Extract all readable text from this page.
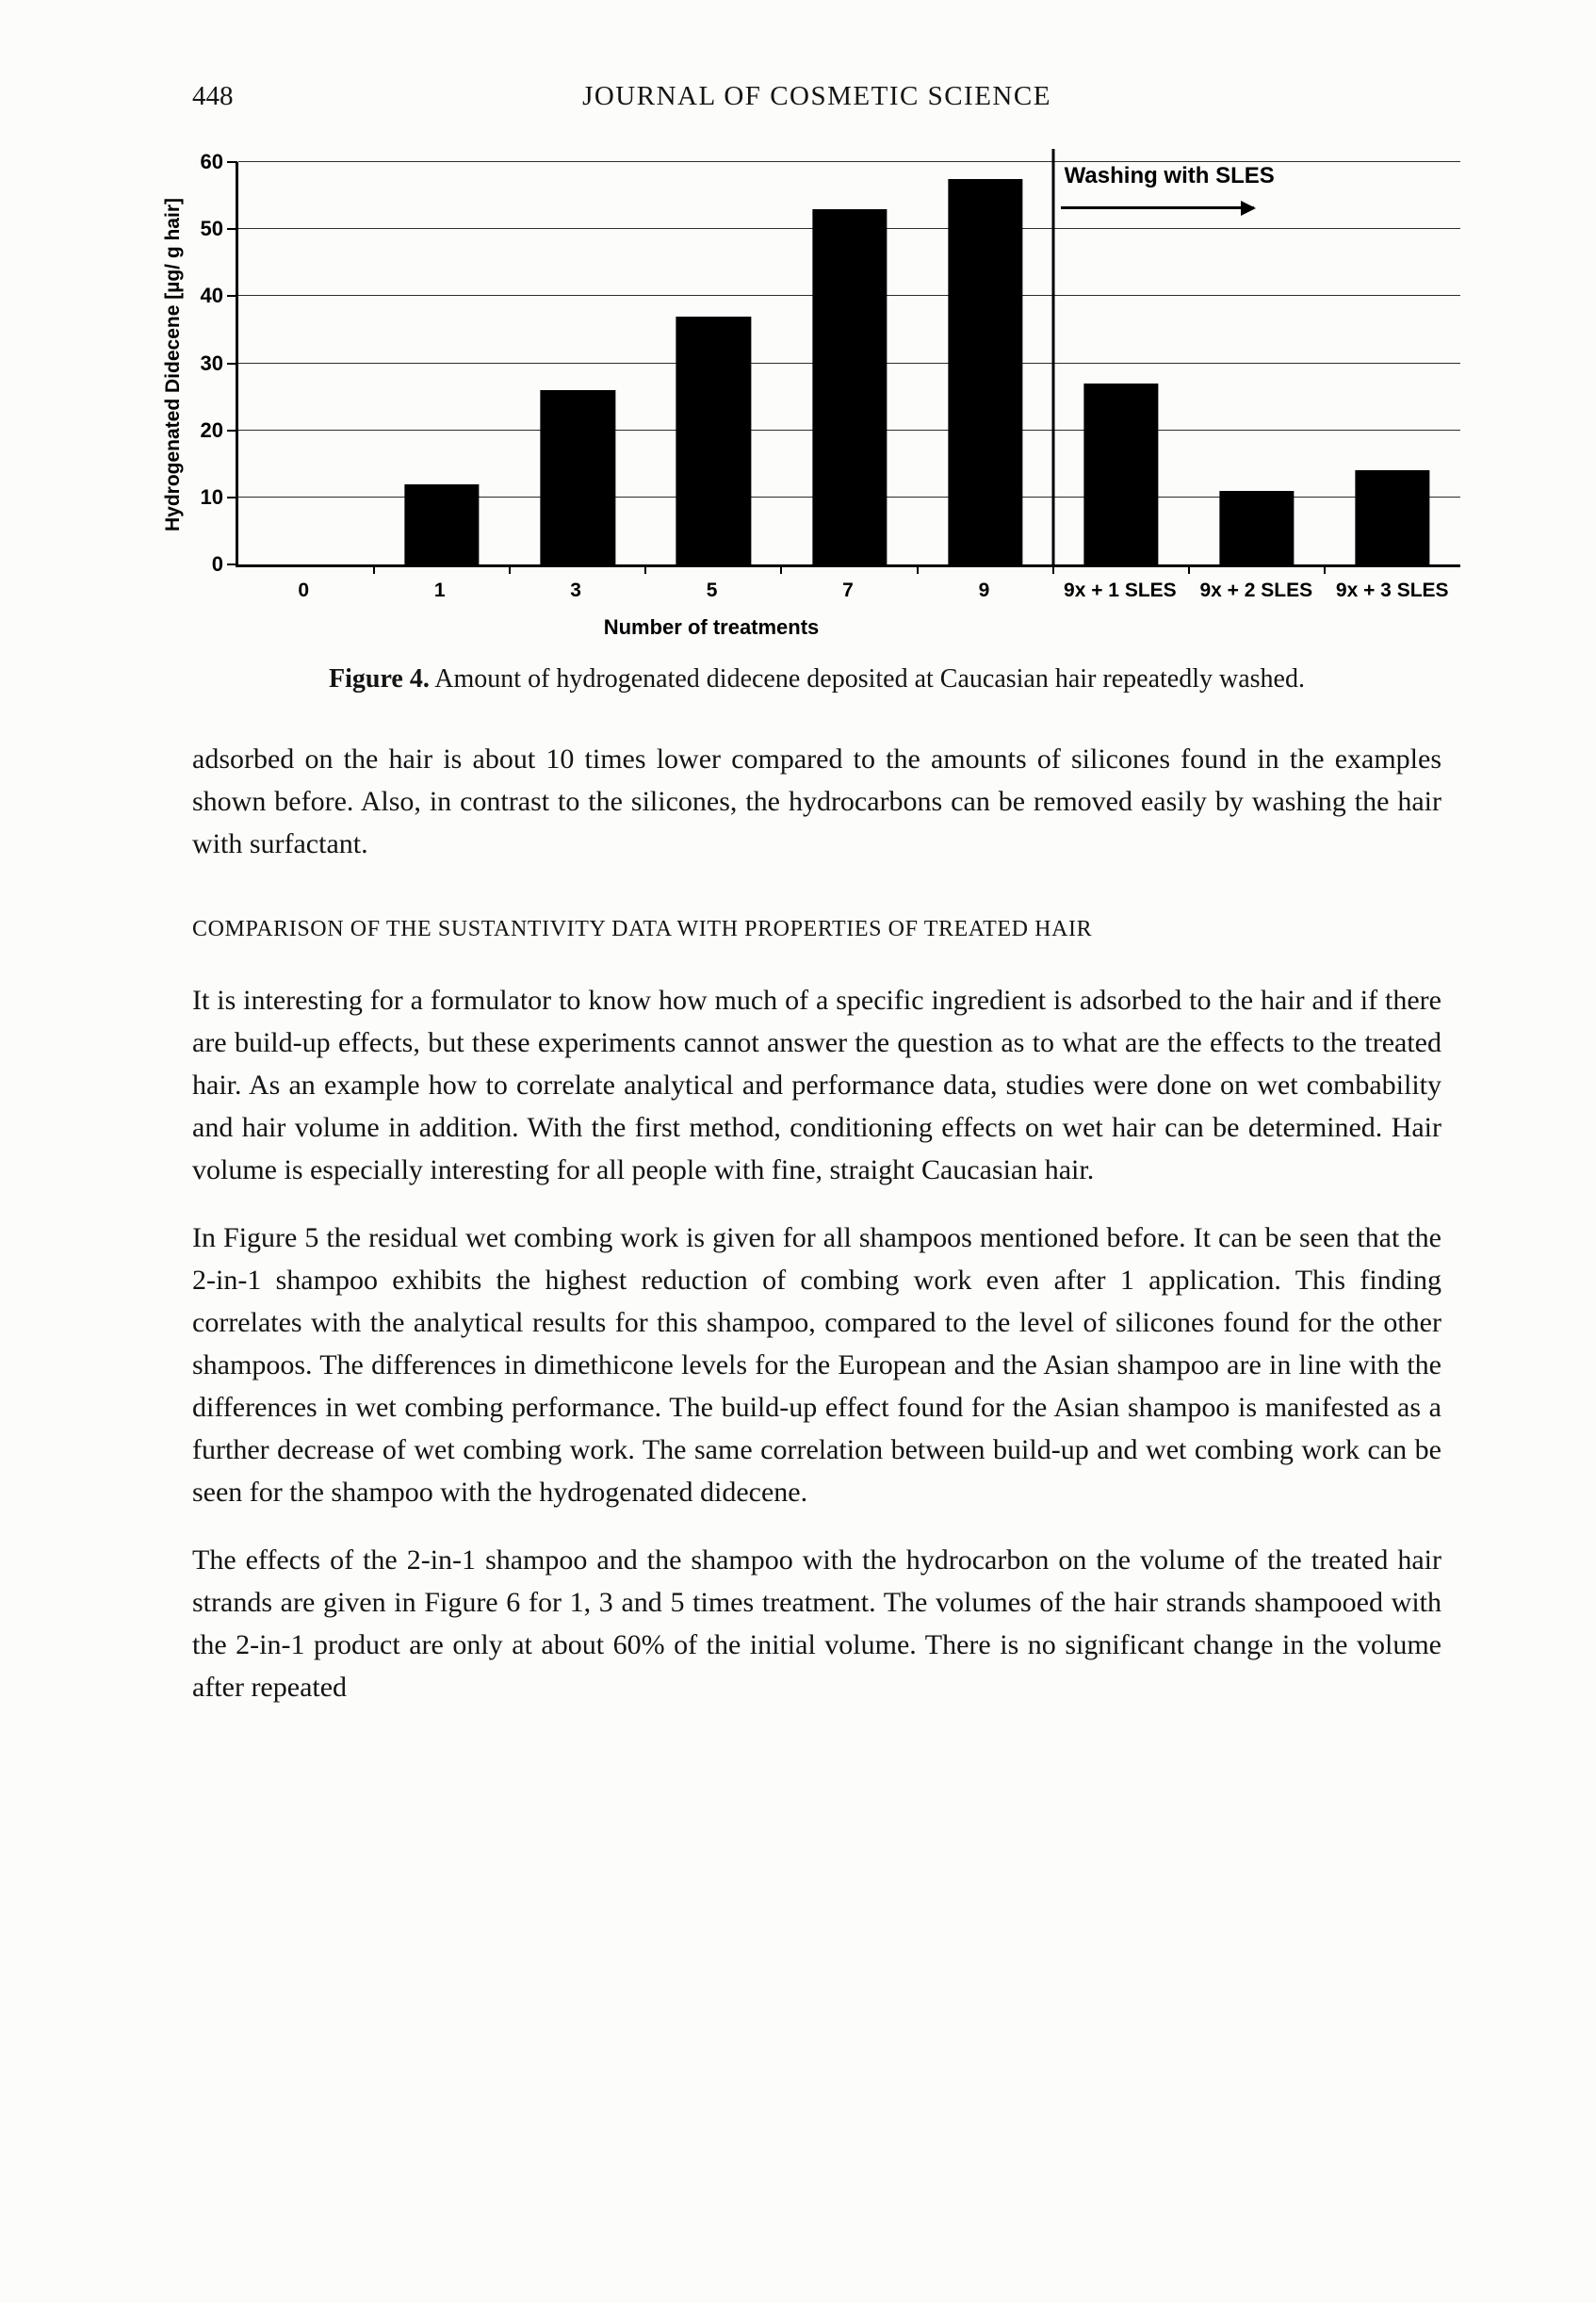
448	JOURNAL OF COSMETIC SCIENCE
Hydrogenated Didecene [µg/ g hair]
0
10
20
30
40
50
60
Washing with SLES
0	1	3	5	7	9	9x + 1 SLES	9x + 2 SLES	9x + 3 SLES
Number of treatments
Figure 4. Amount of hydrogenated didecene deposited at Caucasian hair repeatedly washed.

adsorbed on the hair is about 10 times lower compared to the amounts of silicones found in the examples shown before. Also, in contrast to the silicones, the hydrocarbons can be removed easily by washing the hair with surfactant.

COMPARISON OF THE SUSTANTIVITY DATA WITH PROPERTIES OF TREATED HAIR

It is interesting for a formulator to know how much of a specific ingredient is adsorbed to the hair and if there are build-up effects, but these experiments cannot answer the question as to what are the effects to the treated hair. As an example how to correlate analytical and performance data, studies were done on wet combability and hair volume in addition. With the first method, conditioning effects on wet hair can be determined. Hair volume is especially interesting for all people with fine, straight Caucasian hair.

In Figure 5 the residual wet combing work is given for all shampoos mentioned before. It can be seen that the 2-in-1 shampoo exhibits the highest reduction of combing work even after 1 application. This finding correlates with the analytical results for this shampoo, compared to the level of silicones found for the other shampoos. The differences in dimethicone levels for the European and the Asian shampoo are in line with the differences in wet combing performance. The build-up effect found for the Asian shampoo is manifested as a further decrease of wet combing work. The same correlation between build-up and wet combing work can be seen for the shampoo with the hydrogenated didecene.

The effects of the 2-in-1 shampoo and the shampoo with the hydrocarbon on the volume of the treated hair strands are given in Figure 6 for 1, 3 and 5 times treatment. The volumes of the hair strands shampooed with the 2-in-1 product are only at about 60% of the initial volume. There is no significant change in the volume after repeated
